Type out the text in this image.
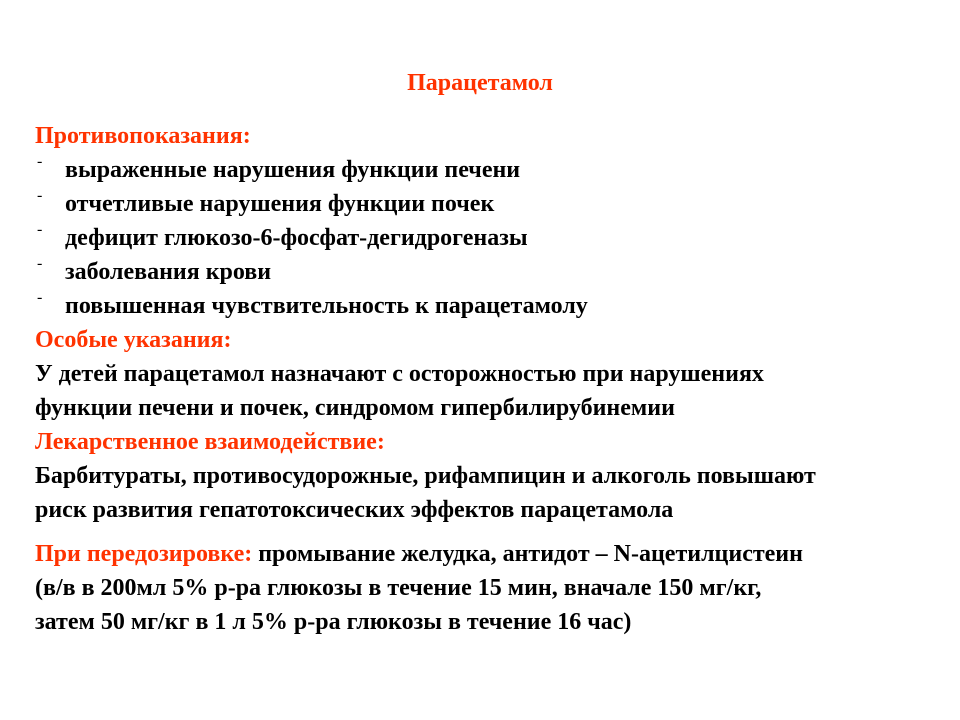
Парацетамол
Противопоказания:
- выраженные нарушения функции печени
- отчетливые нарушения функции почек
- дефицит глюкозо-6-фосфат-дегидрогеназы
- заболевания крови
- повышенная чувствительность к парацетамолу
Особые указания:

У детей парацетамол назначают с осторожностью при нарушениях

функции печени и почек, синдромом гипербилирубинемии

Лекарственное взаимодействие:

Барбитураты, противосудорожные, рифампицин и алкоголь повышают

риск развития гепатотоксических эффектов парацетамола

При передозировке: промывание желудка, антидот – N-ацетилцистеин

(в/в в 200мл 5% р-ра глюкозы в течение 15 мин, вначале 150 мг/кг,

затем 50 мг/кг в 1 л 5% р-ра глюкозы в течение 16 час)
